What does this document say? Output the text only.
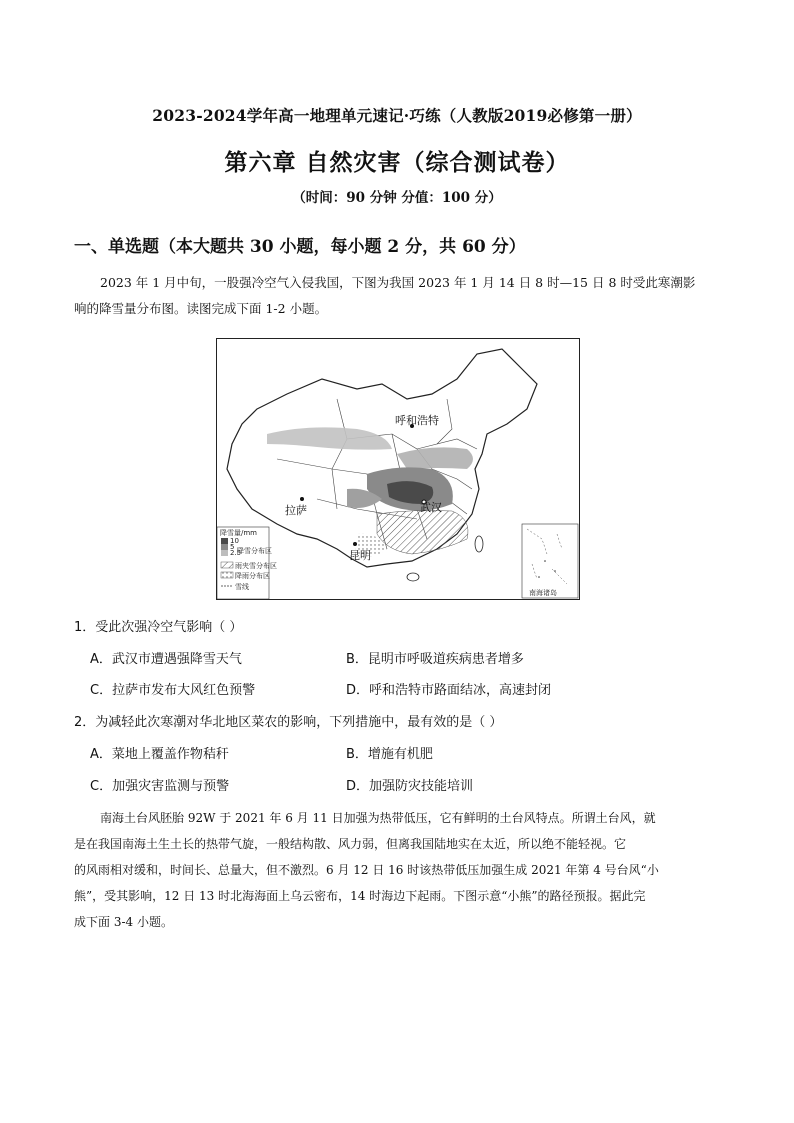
2023-2024学年高一地理单元速记·巧练（人教版2019必修第一册）
第六章 自然灾害（综合测试卷）
（时间：90 分钟 分值：100 分）
一、单选题（本大题共 30 小题，每小题 2 分，共 60 分）
2023 年 1 月中旬，一股强冷空气入侵我国，下图为我国 2023 年 1 月 14 日 8 时—15 日 8 时受此寒潮影
响的降雪量分布图。读图完成下面 1-2 小题。
呼和浩特
拉萨	武汉
昆明
降雪量/mm
10
5
2.5
降雪分布区
雨夹雪分布区
降雨分布区
雪线
南海诸岛
1．受此次强冷空气影响（ ）
A．武汉市遭遇强降雪天气	B．昆明市呼吸道疾病患者增多
C．拉萨市发布大风红色预警	D．呼和浩特市路面结冰，高速封闭
2．为减轻此次寒潮对华北地区菜农的影响，下列措施中，最有效的是（ ）
A．菜地上覆盖作物秸秆	B．增施有机肥
C．加强灾害监测与预警	D．加强防灾技能培训
南海土台风胚胎 92W 于 2021 年 6 月 11 日加强为热带低压，它有鲜明的土台风特点。所谓土台风，就
是在我国南海土生土长的热带气旋，一般结构散、风力弱，但离我国陆地实在太近，所以绝不能轻视。它
的风雨相对缓和，时间长、总量大，但不激烈。6 月 12 日 16 时该热带低压加强生成 2021 年第 4 号台风“小
熊”，受其影响，12 日 13 时北海海面上乌云密布，14 时海边下起雨。下图示意“小熊”的路径预报。据此完
成下面 3-4 小题。
